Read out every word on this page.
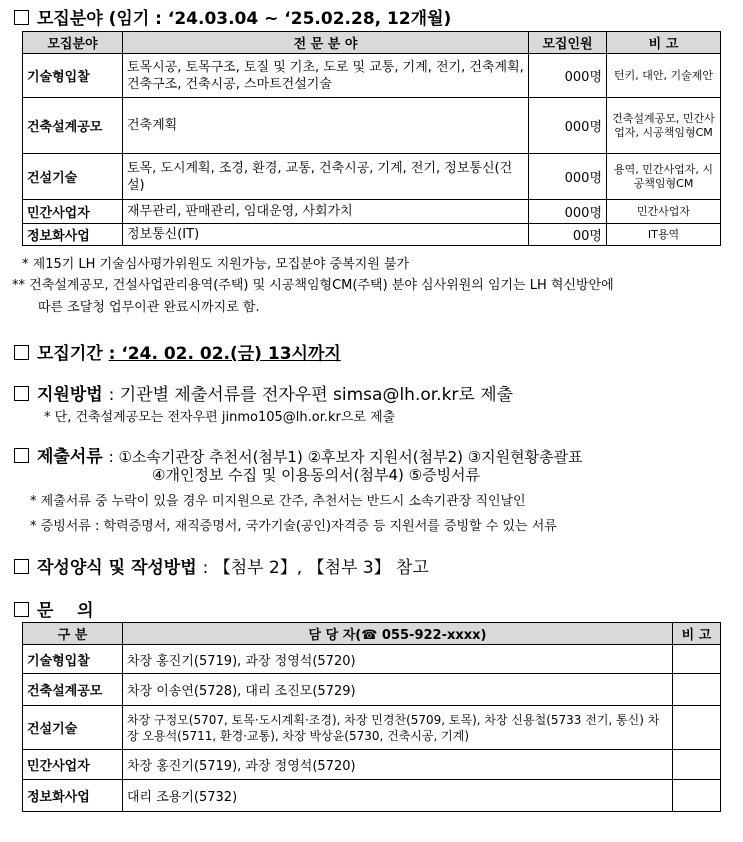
모집분야 (임기 : ‘24.03.04 ~ ‘25.02.28, 12개월)
모집분야	전 문 분 야	모집인원	비 고
기술형입찰	토목시공, 토목구조, 토질 및 기초, 도로 및 교통, 기계, 전기, 건축계획, 건축구조, 건축시공, 스마트건설기술	000명	턴키, 대안, 기술제안
건축설계공모	건축계획	000명	건축설계공모, 민간사업자, 시공책임형CM
건설기술	토목, 도시계획, 조경, 환경, 교통, 건축시공, 기계, 전기, 정보통신(건설)	000명	용역, 민간사업자, 시공책임형CM
민간사업자	재무관리, 판매관리, 임대운영, 사회가치	000명	민간사업자
정보화사업	정보통신(IT)	00명	IT용역
* 제15기 LH 기술심사평가위원도 지원가능, 모집분야 중복지원 불가
** 건축설계공모, 건설사업관리용역(주택) 및 시공책임형CM(주택) 분야 심사위원의 임기는 LH 혁신방안에
따른 조달청 업무이관 완료시까지로 함.
모집기간 : ‘24. 02. 02.(금) 13시까지
지원방법 : 기관별 제출서류를 전자우편 simsa@lh.or.kr로 제출
* 단, 건축설계공모는 전자우편 jinmo105@lh.or.kr으로 제출
제출서류 : ①소속기관장 추천서(첨부1) ②후보자 지원서(첨부2) ③지원현황총괄표
④개인정보 수집 및 이용동의서(첨부4) ⑤증빙서류
* 제출서류 중 누락이 있을 경우 미지원으로 간주, 추천서는 반드시 소속기관장 직인날인
* 증빙서류 : 학력증명서, 재직증명서, 국가기술(공인)자격증 등 지원서를 증빙할 수 있는 서류
작성양식 및 작성방법 : 【첨부 2】, 【첨부 3】 참고
문    의
구 분	담 당 자(☎ 055-922-xxxx)	비 고
기술형입찰	차장 홍진기(5719), 과장 정영석(5720)	
건축설계공모	차장 이송연(5728), 대리 조진모(5729)	
건설기술	차장 구정모(5707, 토목·도시계획·조경), 차장 민경찬(5709, 토목), 차장 신용철(5733 전기, 통신) 차장 오용석(5711, 환경·교통), 차장 박상윤(5730, 건축시공, 기계)	
민간사업자	차장 홍진기(5719), 과장 정영석(5720)	
정보화사업	대리 조용기(5732)	
